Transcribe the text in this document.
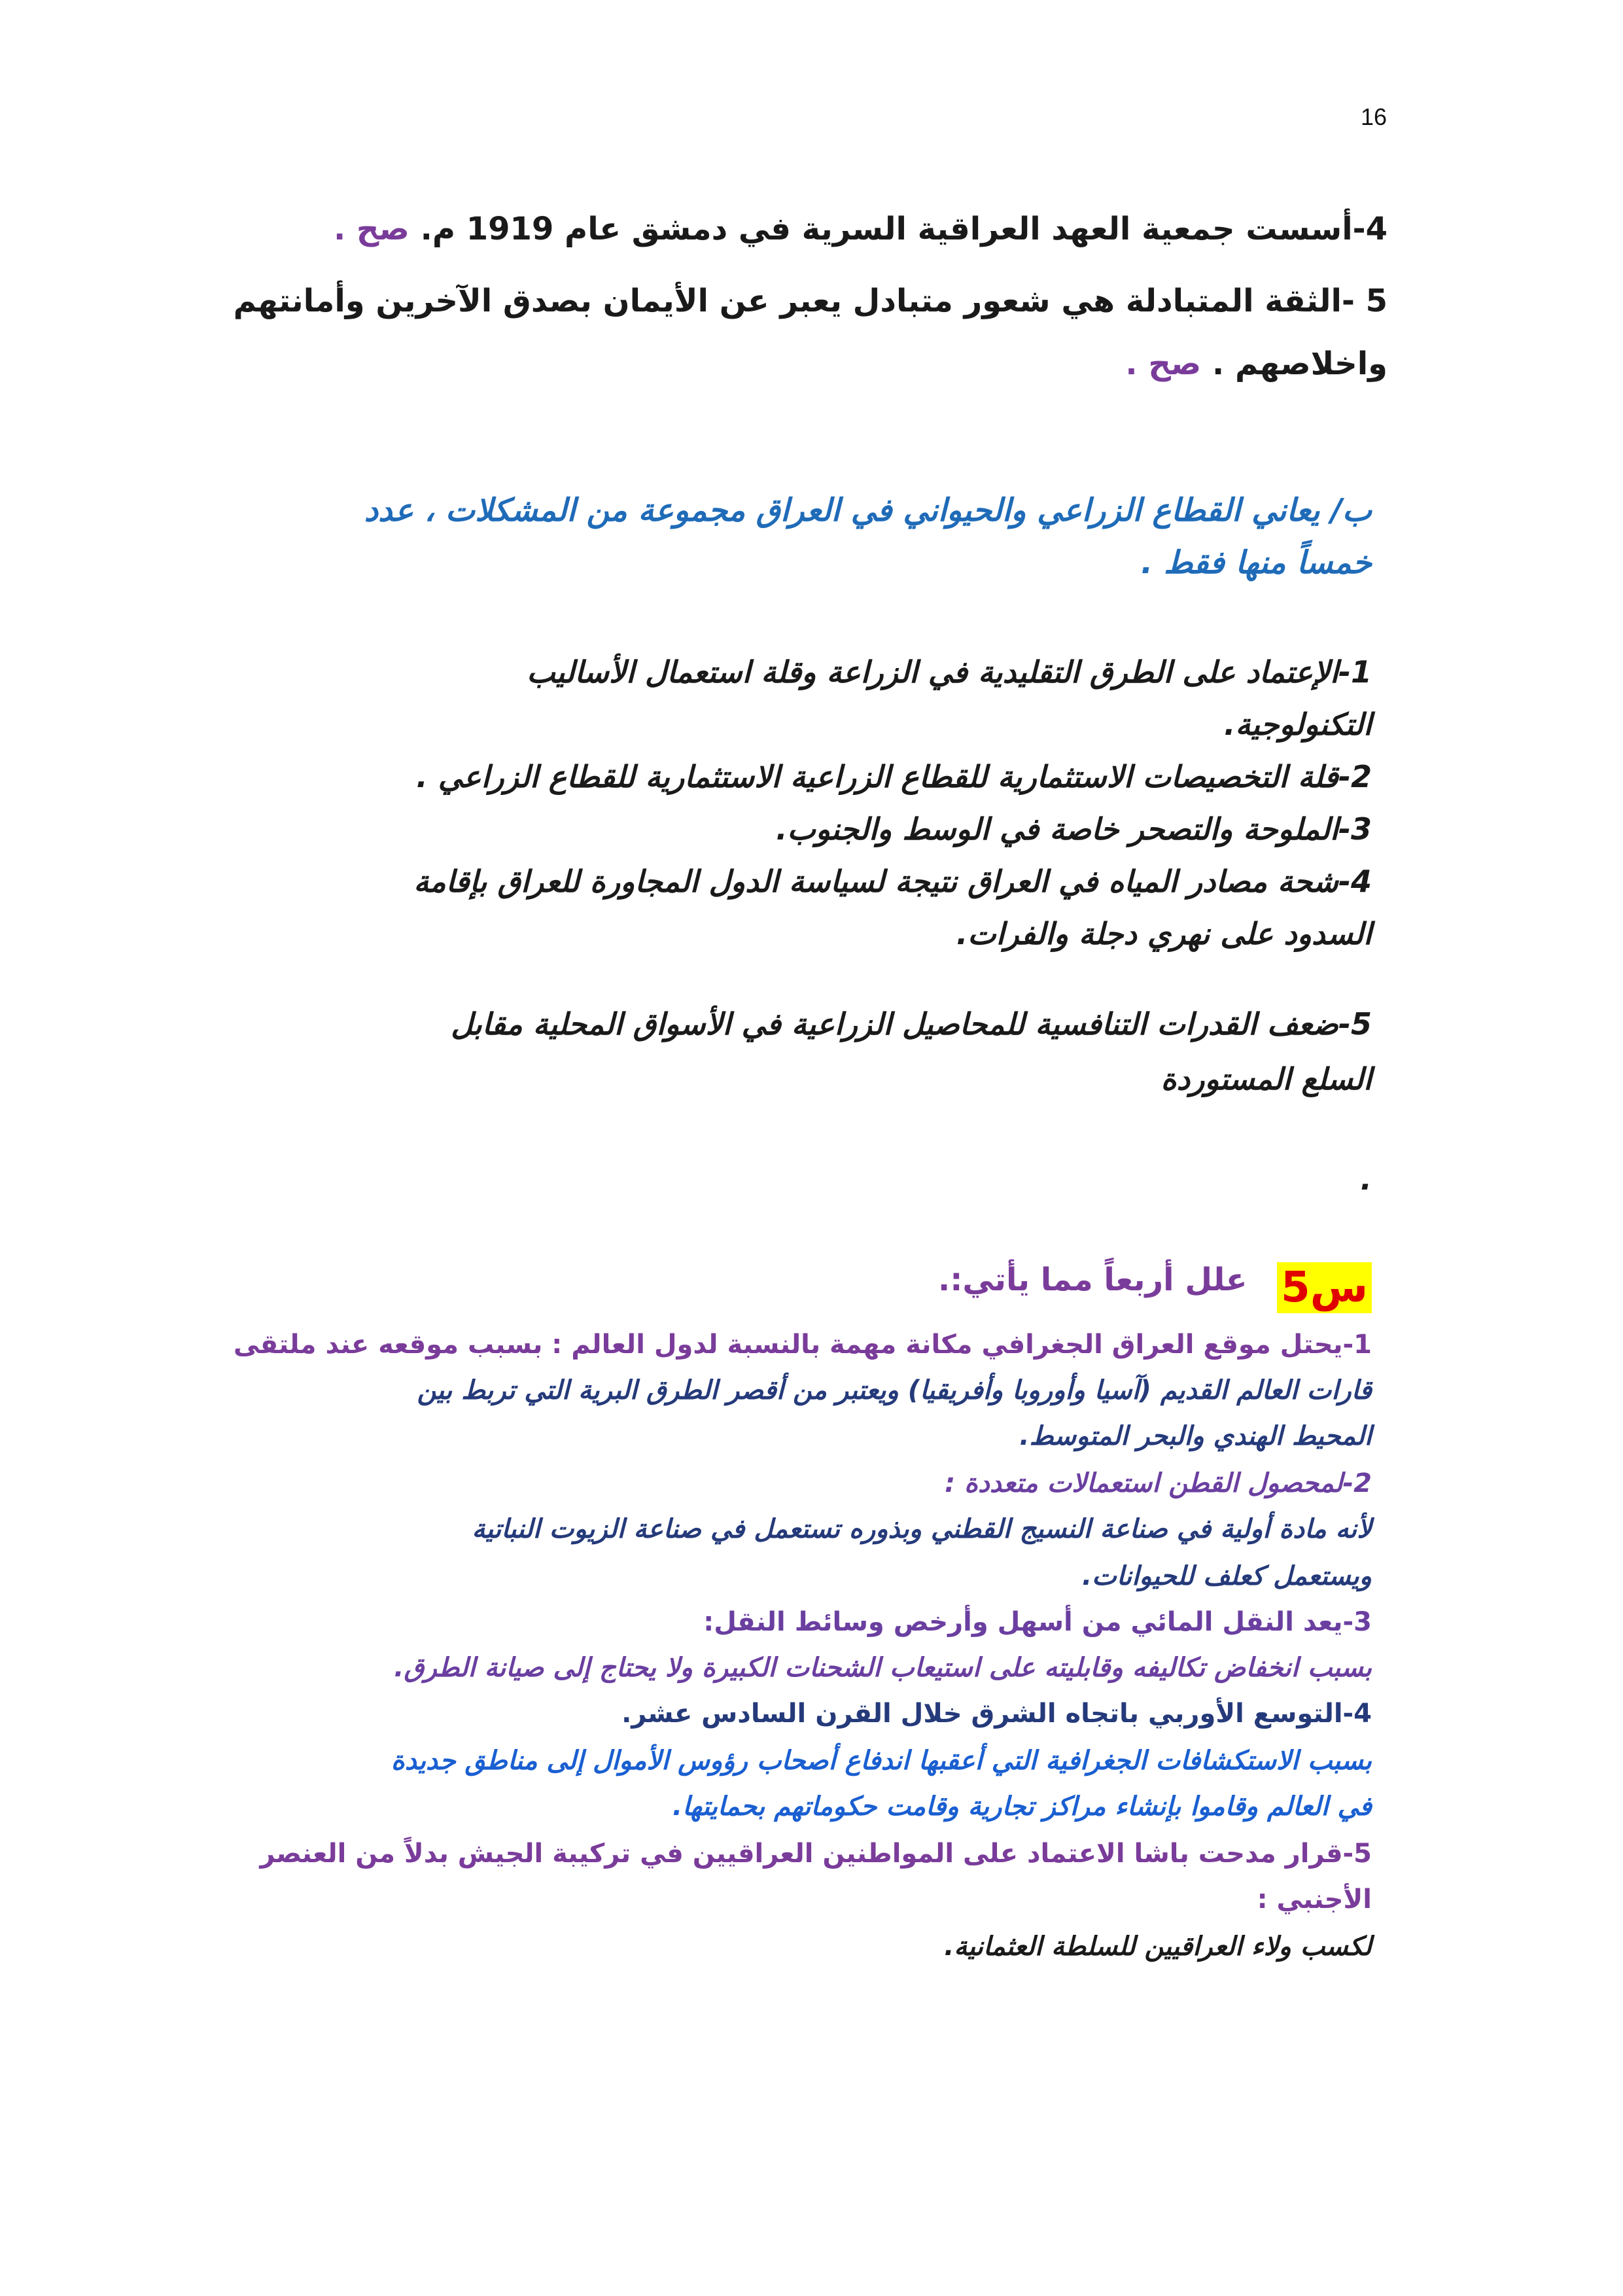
16
4-أسست جمعية العهد العراقية السرية في دمشق عام 1919 م. صح .
5 -الثقة المتبادلة هي شعور متبادل يعبر عن الأيمان بصدق الآخرين وأمانتهم
واخلاصهم . صح .
ب/ يعاني القطاع الزراعي والحيواني في العراق مجموعة من المشكلات ، عدد
خمساً منها فقط .
1-الإعتماد على الطرق التقليدية في الزراعة وقلة استعمال الأساليب
التكنولوجية.
2-قلة التخصيصات الاستثمارية للقطاع الزراعية الاستثمارية للقطاع الزراعي .
3-الملوحة والتصحر خاصة في الوسط والجنوب.
4-شحة مصادر المياه في العراق نتيجة لسياسة الدول المجاورة للعراق بإقامة
السدود على نهري دجلة والفرات.
5-ضعف القدرات التنافسية للمحاصيل الزراعية في الأسواق المحلية مقابل
السلع المستوردة
.
س5 علل أربعاً مما يأتي:.
1-يحتل موقع العراق الجغرافي مكانة مهمة بالنسبة لدول العالم : بسبب موقعه عند ملتقى
قارات العالم القديم (آسيا وأوروبا وأفريقيا) ويعتبر من أقصر الطرق البرية التي تربط بين
المحيط الهندي والبحر المتوسط.
2-لمحصول القطن استعمالات متعددة :
لأنه مادة أولية في صناعة النسيج القطني وبذوره تستعمل في صناعة الزيوت النباتية
ويستعمل كعلف للحيوانات.
3-يعد النقل المائي من أسهل وأرخص وسائط النقل:
بسبب انخفاض تكاليفه وقابليته على استيعاب الشحنات الكبيرة ولا يحتاج إلى صيانة الطرق.
4-التوسع الأوربي باتجاه الشرق خلال القرن السادس عشر.
بسبب الاستكشافات الجغرافية التي أعقبها اندفاع أصحاب رؤوس الأموال إلى مناطق جديدة
في العالم وقاموا بإنشاء مراكز تجارية وقامت حكوماتهم بحمايتها.
5-قرار مدحت باشا الاعتماد على المواطنين العراقيين في تركيبة الجيش بدلاً من العنصر
الأجنبي :
لكسب ولاء العراقيين للسلطة العثمانية.
